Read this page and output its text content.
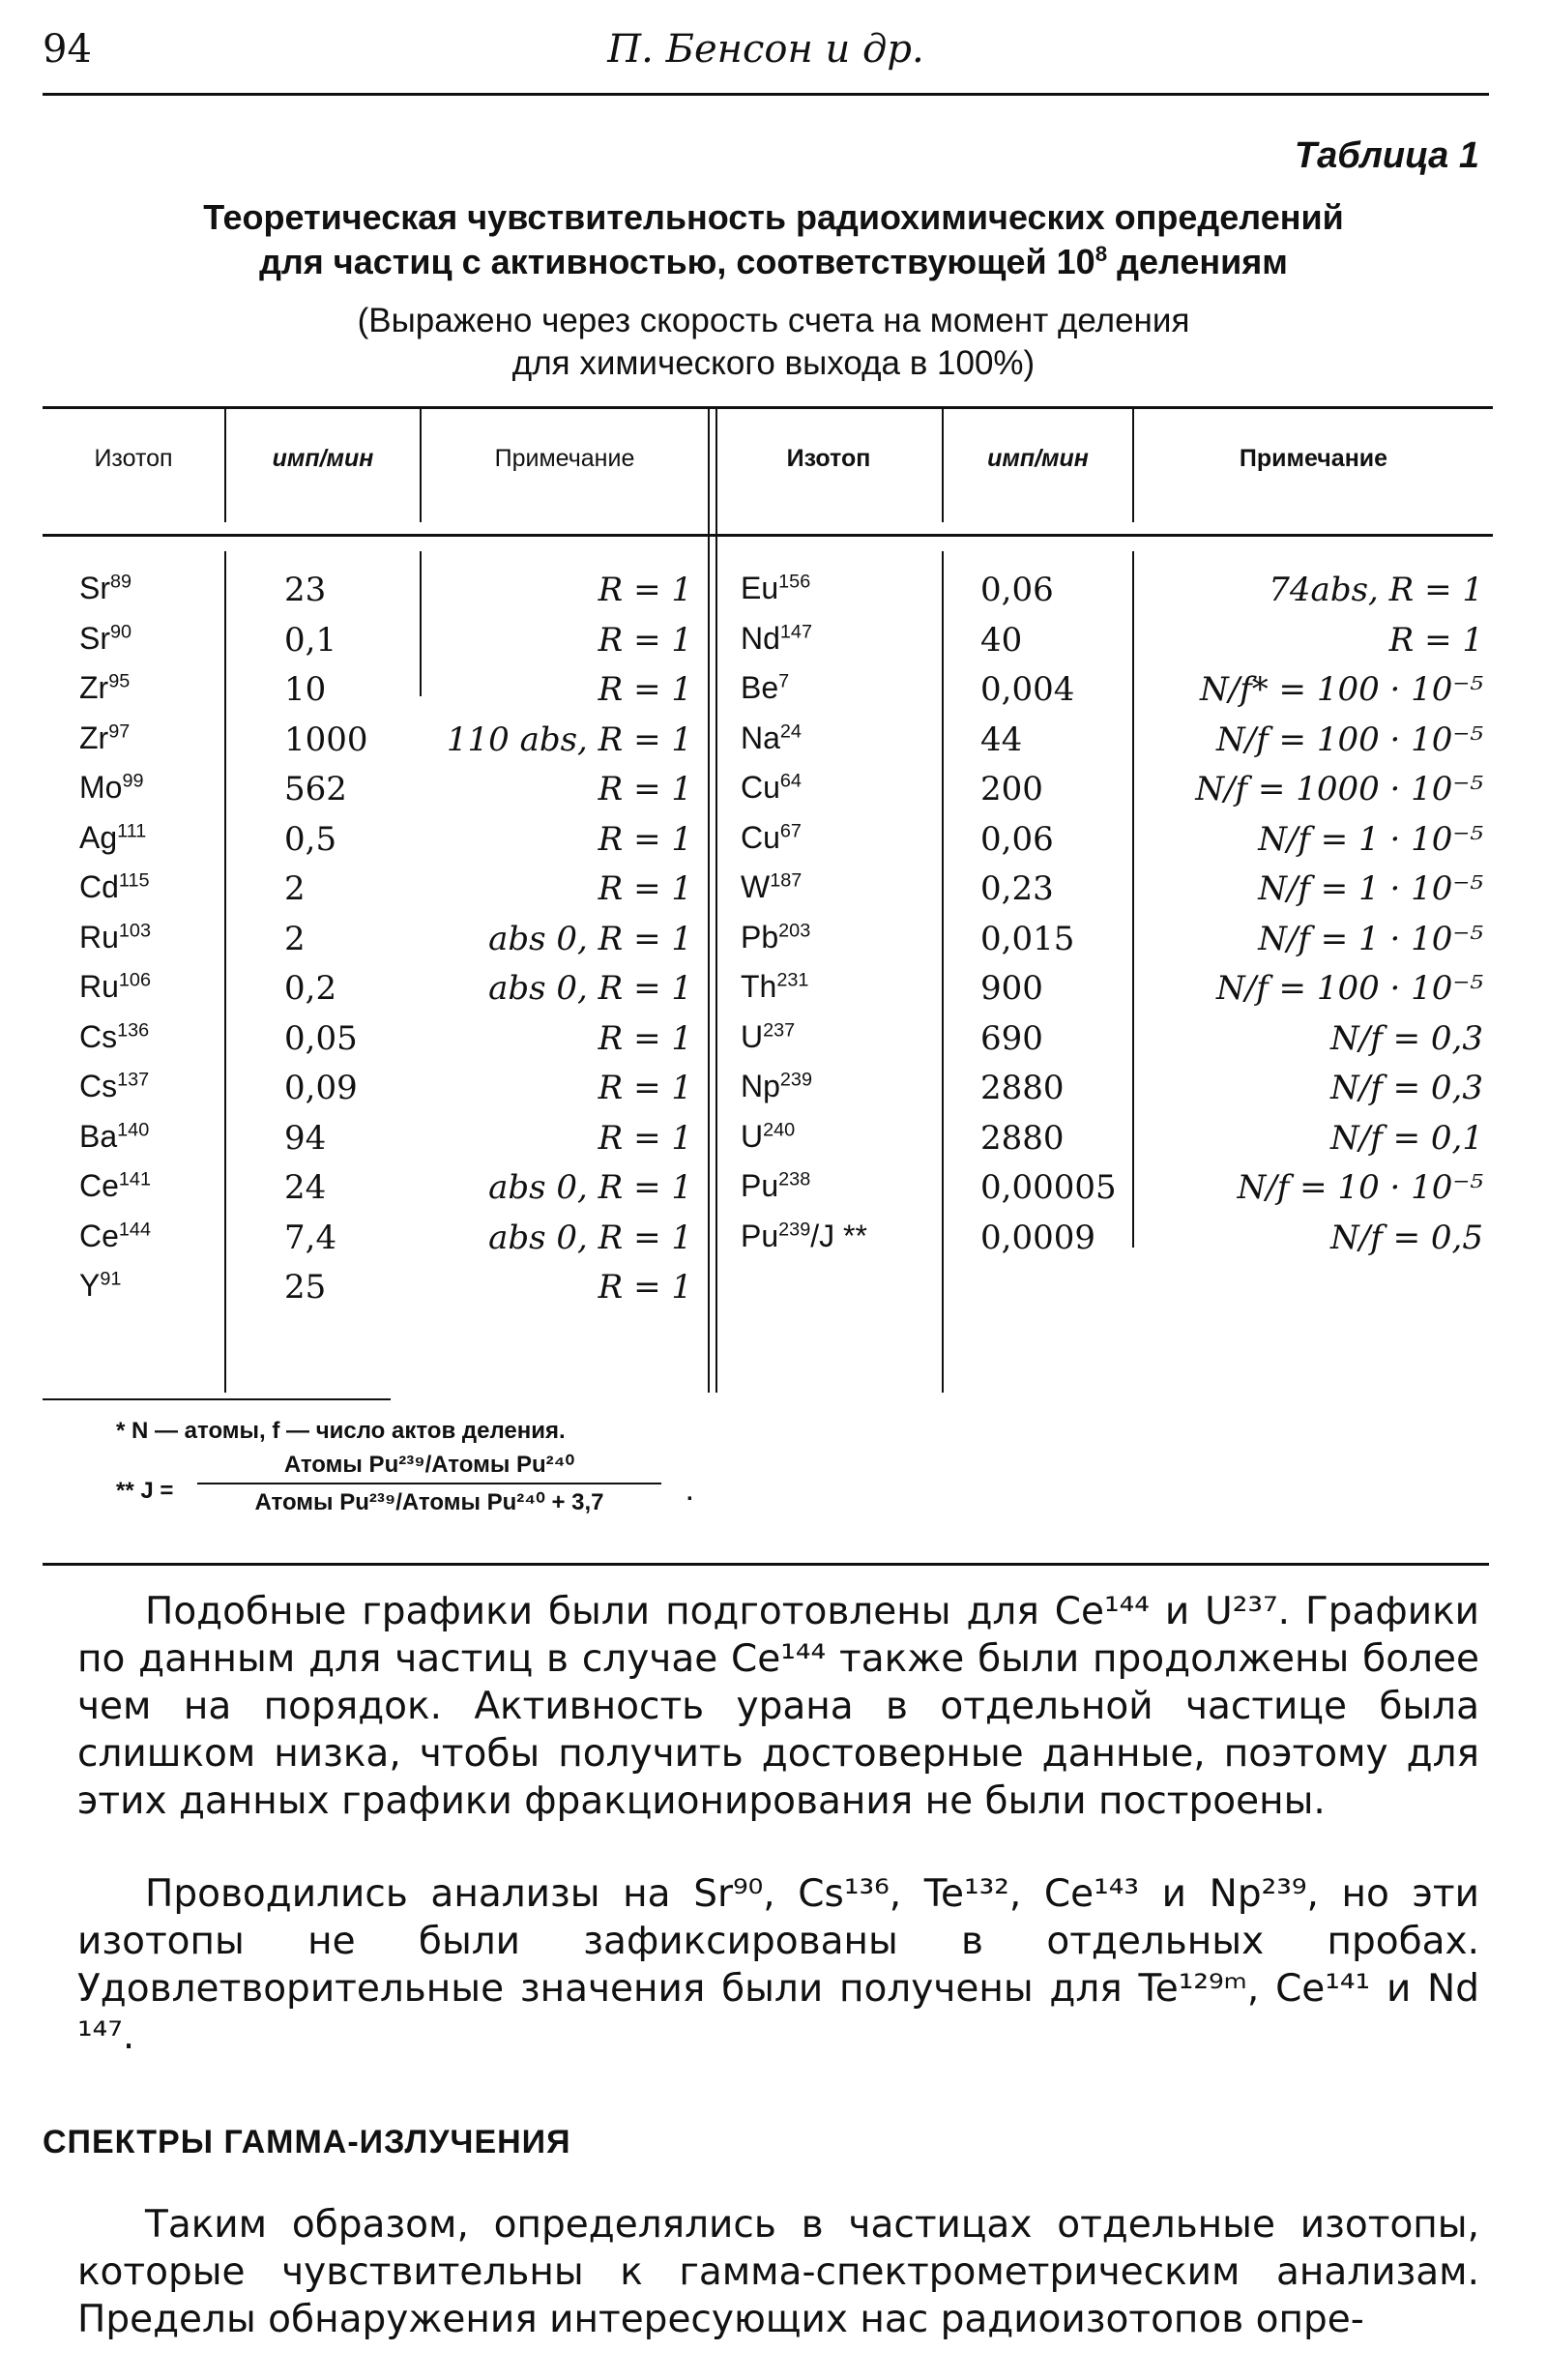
94	П. Бенсон и др.
Таблица 1
Теоретическая чувствительность радиохимических определений
для частиц с активностью, соответствующей $10^8$ делениям
(Выражено через скорость счета на момент деления
для химического выхода в 100%)
Изотоп	имп/мин	Примечание	Изотоп	имп/мин	Примечание
Sr$^{89}$	23	R = 1
Sr$^{90}$	0,1	R = 1
Zr$^{95}$	10	R = 1
Zr$^{97}$	1000	110 abs, R = 1
Mo$^{99}$	562	R = 1
Ag$^{111}$	0,5	R = 1
Cd$^{115}$	2	R = 1
Ru$^{103}$	2	abs 0, R = 1
Ru$^{106}$	0,2	abs 0, R = 1
Cs$^{136}$	0,05	R = 1
Cs$^{137}$	0,09	R = 1
Ba$^{140}$	94	R = 1
Ce$^{141}$	24	abs 0, R = 1
Ce$^{144}$	7,4	abs 0, R = 1
$Y^{91}$	25	R = 1
Eu$^{156}$	0,06	74abs, R = 1
Nd$^{147}$	40	R = 1
Be$^7$	0,004	N/f* = 100 · 10⁻⁵
Na$^{24}$	44	N/f = 100 · 10⁻⁵
Cu$^{64}$	200	N/f = 1000 · 10⁻⁵
Cu$^{67}$	0,06	N/f = 1 · 10⁻⁵
$W^{187}$	0,23	N/f = 1 · 10⁻⁵
Pb$^{203}$	0,015	N/f = 1 · 10⁻⁵
Th$^{231}$	900	N/f = 100 · 10⁻⁵
$U^{237}$	690	N/f = 0,3
Np$^{239}$	2880	N/f = 0,3
$U^{240}$	2880	N/f = 0,1
Pu$^{238}$	0,00005	N/f = 10 · 10⁻⁵
Pu$^{239}$/J **	0,0009	N/f = 0,5
* N — атомы, f — число актов деления.
** J =
Атомы Pu²³⁹/Атомы Pu²⁴⁰
Атомы Pu²³⁹/Атомы Pu²⁴⁰ + 3,7	.
Подобные графики были подготовлены для Ce¹⁴⁴ и U²³⁷. Графики по данным для частиц в случае Ce¹⁴⁴ также были продолжены более чем на порядок. Активность урана в отдельной частице была слишком низка, чтобы получить достоверные данные, поэтому для этих данных графики фракционирования не были построены.
Проводились анализы на Sr⁹⁰, Cs¹³⁶, Te¹³², Ce¹⁴³ и Np²³⁹, но эти изотопы не были зафиксированы в отдельных пробах. Удовлетворительные значения были получены для Te¹²⁹ᵐ, Ce¹⁴¹ и Nd ¹⁴⁷.
СПЕКТРЫ ГАММА-ИЗЛУЧЕНИЯ
Таким образом, определялись в частицах отдельные изотопы, которые чувствительны к гамма-спектрометрическим анализам. Пределы обнаружения интересующих нас радиоизотопов опре-
